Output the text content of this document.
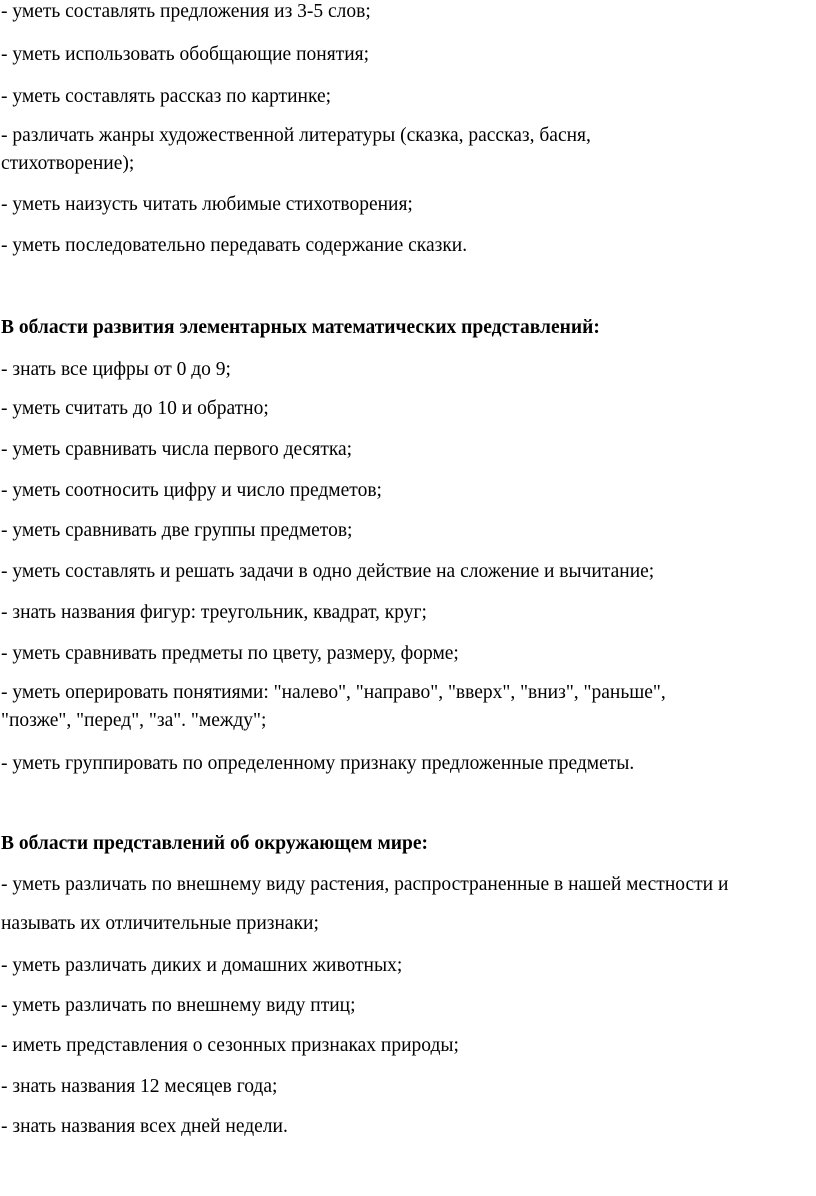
- уметь составлять предложения из 3-5 слов;
- уметь использовать обобщающие понятия;
- уметь составлять рассказ по картинке;
- различать жанры художественной литературы (сказка, рассказ, басня,
стихотворение);
- уметь наизусть читать любимые стихотворения;
- уметь последовательно передавать содержание сказки.
В области развития элементарных математических представлений:
- знать все цифры от 0 до 9;
- уметь считать до 10 и обратно;
- уметь сравнивать числа первого десятка;
- уметь соотносить цифру и число предметов;
- уметь сравнивать две группы предметов;
- уметь составлять и решать задачи в одно действие на сложение и вычитание;
- знать названия фигур: треугольник, квадрат, круг;
- уметь сравнивать предметы по цвету, размеру, форме;
- уметь оперировать понятиями: "налево", "направо", "вверх", "вниз", "раньше",
"позже", "перед", "за". "между";
- уметь группировать по определенному признаку предложенные предметы.
В области представлений об окружающем мире:
- уметь различать по внешнему виду растения, распространенные в нашей местности и
называть их отличительные признаки;
- уметь различать диких и домашних животных;
- уметь различать по внешнему виду птиц;
- иметь представления о сезонных признаках природы;
- знать названия 12 месяцев года;
- знать названия всех дней недели.
